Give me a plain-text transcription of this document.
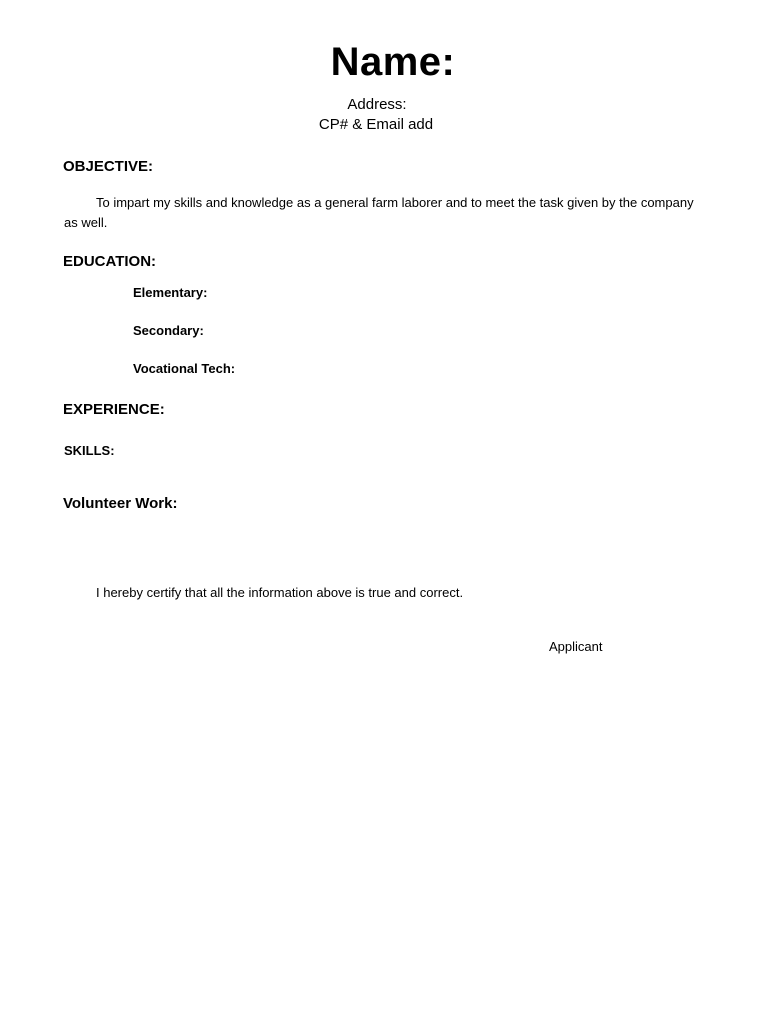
Name:
Address:
CP# & Email add
OBJECTIVE:
To impart my skills and knowledge as a general farm laborer and to meet the task given by the company as well.
EDUCATION:
Elementary:
Secondary:
Vocational Tech:
EXPERIENCE:
SKILLS:
Volunteer Work:
I hereby certify that all the information above is true and correct.
Applicant
